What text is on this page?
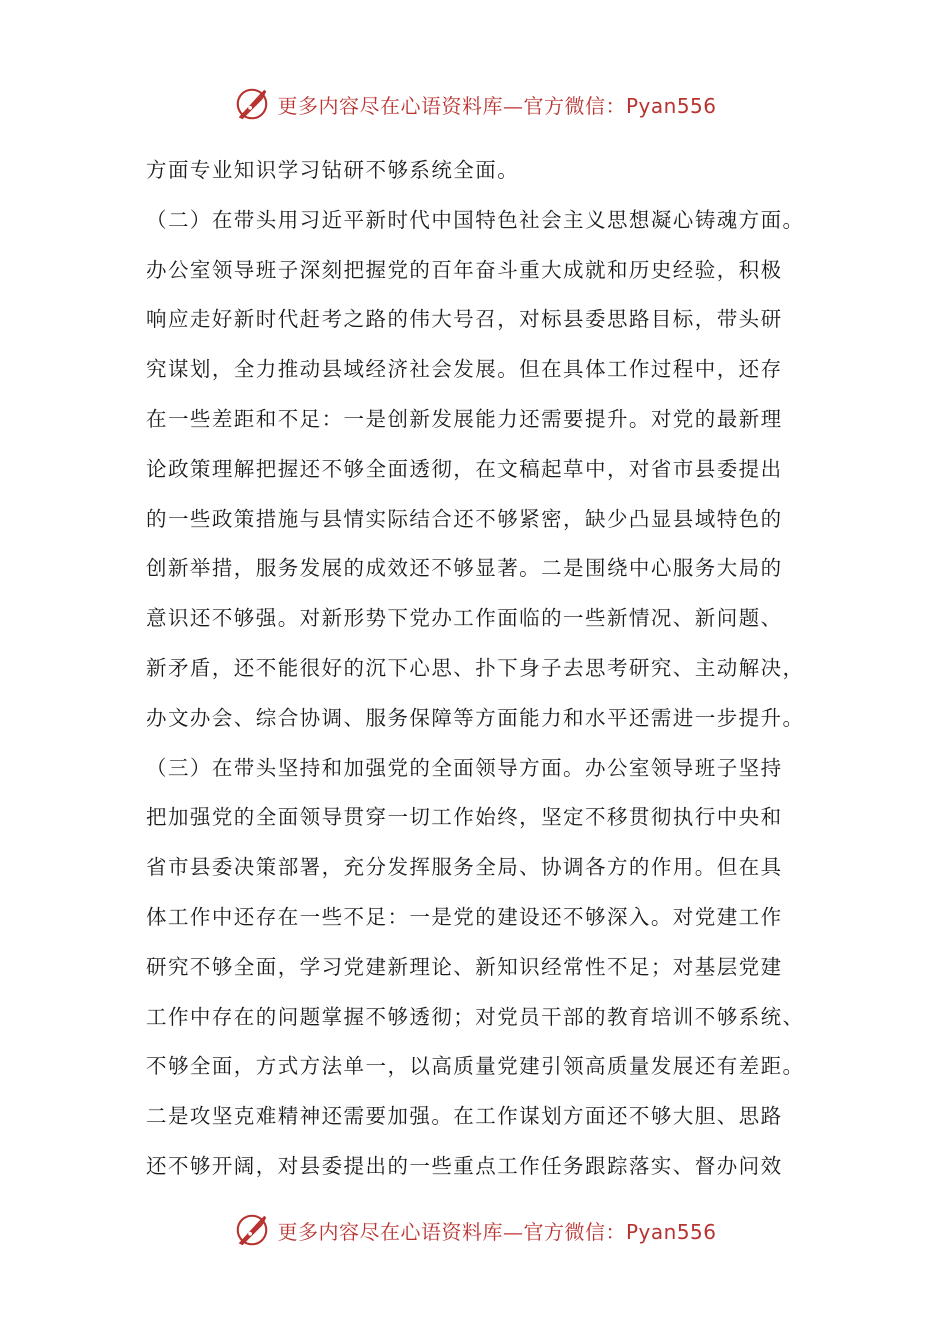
更多内容尽在心语资料库—官方微信：Pyan556
方面专业知识学习钻研不够系统全面。
（二）在带头用习近平新时代中国特色社会主义思想凝心铸魂方面。
办公室领导班子深刻把握党的百年奋斗重大成就和历史经验，积极
响应走好新时代赶考之路的伟大号召，对标县委思路目标，带头研
究谋划，全力推动县域经济社会发展。但在具体工作过程中，还存
在一些差距和不足：一是创新发展能力还需要提升。对党的最新理
论政策理解把握还不够全面透彻，在文稿起草中，对省市县委提出
的一些政策措施与县情实际结合还不够紧密，缺少凸显县域特色的
创新举措，服务发展的成效还不够显著。二是围绕中心服务大局的
意识还不够强。对新形势下党办工作面临的一些新情况、新问题、
新矛盾，还不能很好的沉下心思、扑下身子去思考研究、主动解决，
办文办会、综合协调、服务保障等方面能力和水平还需进一步提升。
（三）在带头坚持和加强党的全面领导方面。办公室领导班子坚持
把加强党的全面领导贯穿一切工作始终，坚定不移贯彻执行中央和
省市县委决策部署，充分发挥服务全局、协调各方的作用。但在具
体工作中还存在一些不足：一是党的建设还不够深入。对党建工作
研究不够全面，学习党建新理论、新知识经常性不足；对基层党建
工作中存在的问题掌握不够透彻；对党员干部的教育培训不够系统、
不够全面，方式方法单一，以高质量党建引领高质量发展还有差距。
二是攻坚克难精神还需要加强。在工作谋划方面还不够大胆、思路
还不够开阔，对县委提出的一些重点工作任务跟踪落实、督办问效
更多内容尽在心语资料库—官方微信：Pyan556
